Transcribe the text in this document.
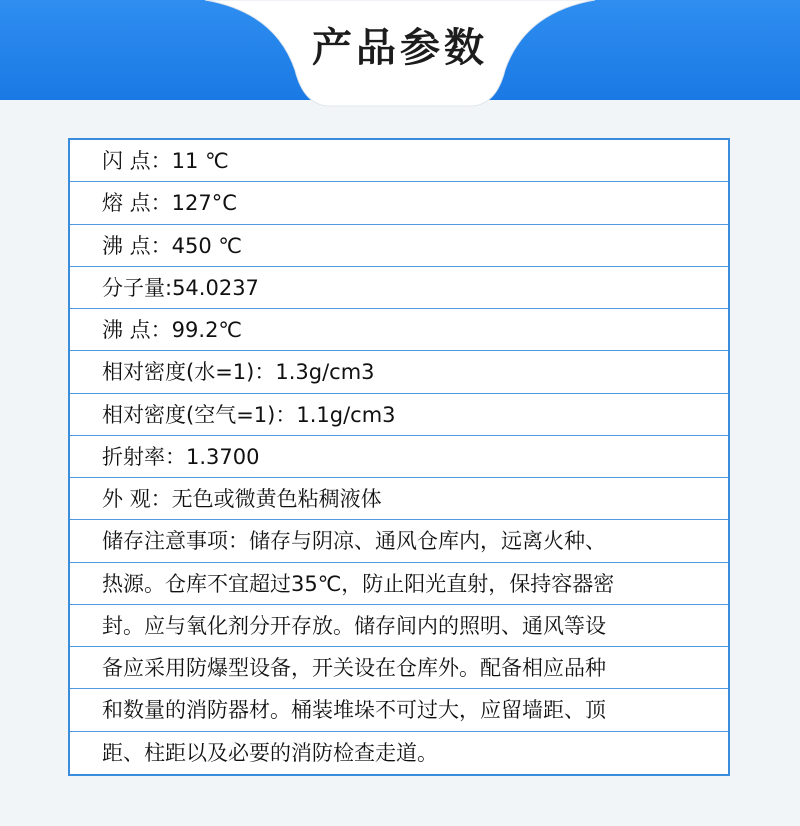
产品参数
闪 点：11 ℃
熔 点：127°C
沸 点：450 ℃
分子量:54.0237
沸 点：99.2℃
相对密度(水=1)：1.3g/cm3
相对密度(空气=1)：1.1g/cm3
折射率：1.3700
外 观：无色或微黄色粘稠液体
储存注意事项：储存与阴凉、通风仓库内，远离火种、
热源。仓库不宜超过35℃，防止阳光直射，保持容器密
封。应与氧化剂分开存放。储存间内的照明、通风等设
备应采用防爆型设备，开关设在仓库外。配备相应品种
和数量的消防器材。桶装堆垛不可过大，应留墙距、顶
距、柱距以及必要的消防检查走道。
